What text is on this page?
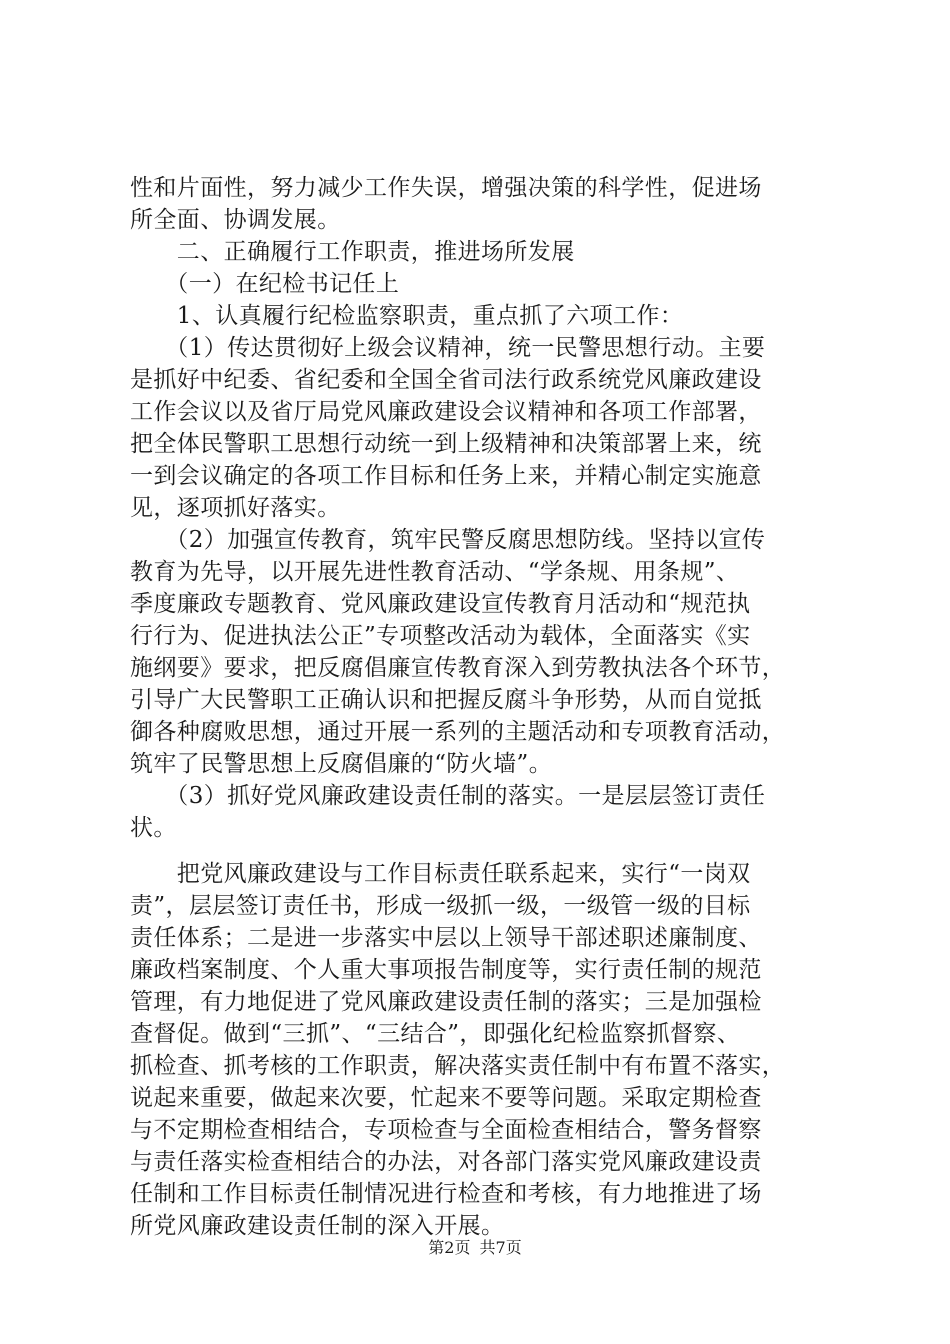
性和片面性，努力减少工作失误，增强决策的科学性，促进场
所全面、协调发展。
　　二、正确履行工作职责，推进场所发展
　　（一）在纪检书记任上
　　1、认真履行纪检监察职责，重点抓了六项工作：
　　（1）传达贯彻好上级会议精神，统一民警思想行动。主要
是抓好中纪委、省纪委和全国全省司法行政系统党风廉政建设
工作会议以及省厅局党风廉政建设会议精神和各项工作部署，
把全体民警职工思想行动统一到上级精神和决策部署上来，统
一到会议确定的各项工作目标和任务上来，并精心制定实施意
见，逐项抓好落实。
　　（2）加强宣传教育，筑牢民警反腐思想防线。坚持以宣传
教育为先导，以开展先进性教育活动、“学条规、用条规”、
季度廉政专题教育、党风廉政建设宣传教育月活动和“规范执
行行为、促进执法公正”专项整改活动为载体，全面落实《实
施纲要》要求，把反腐倡廉宣传教育深入到劳教执法各个环节，
引导广大民警职工正确认识和把握反腐斗争形势，从而自觉抵
御各种腐败思想，通过开展一系列的主题活动和专项教育活动，
筑牢了民警思想上反腐倡廉的“防火墙”。
　　（3）抓好党风廉政建设责任制的落实。一是层层签订责任
状。
　　把党风廉政建设与工作目标责任联系起来，实行“一岗双
责”，层层签订责任书，形成一级抓一级，一级管一级的目标
责任体系；二是进一步落实中层以上领导干部述职述廉制度、
廉政档案制度、个人重大事项报告制度等，实行责任制的规范
管理，有力地促进了党风廉政建设责任制的落实；三是加强检
查督促。做到“三抓”、“三结合”，即强化纪检监察抓督察、
抓检查、抓考核的工作职责，解决落实责任制中有布置不落实，
说起来重要，做起来次要，忙起来不要等问题。采取定期检查
与不定期检查相结合，专项检查与全面检查相结合，警务督察
与责任落实检查相结合的办法，对各部门落实党风廉政建设责
任制和工作目标责任制情况进行检查和考核，有力地推进了场
所党风廉政建设责任制的深入开展。
第2页 共7页
